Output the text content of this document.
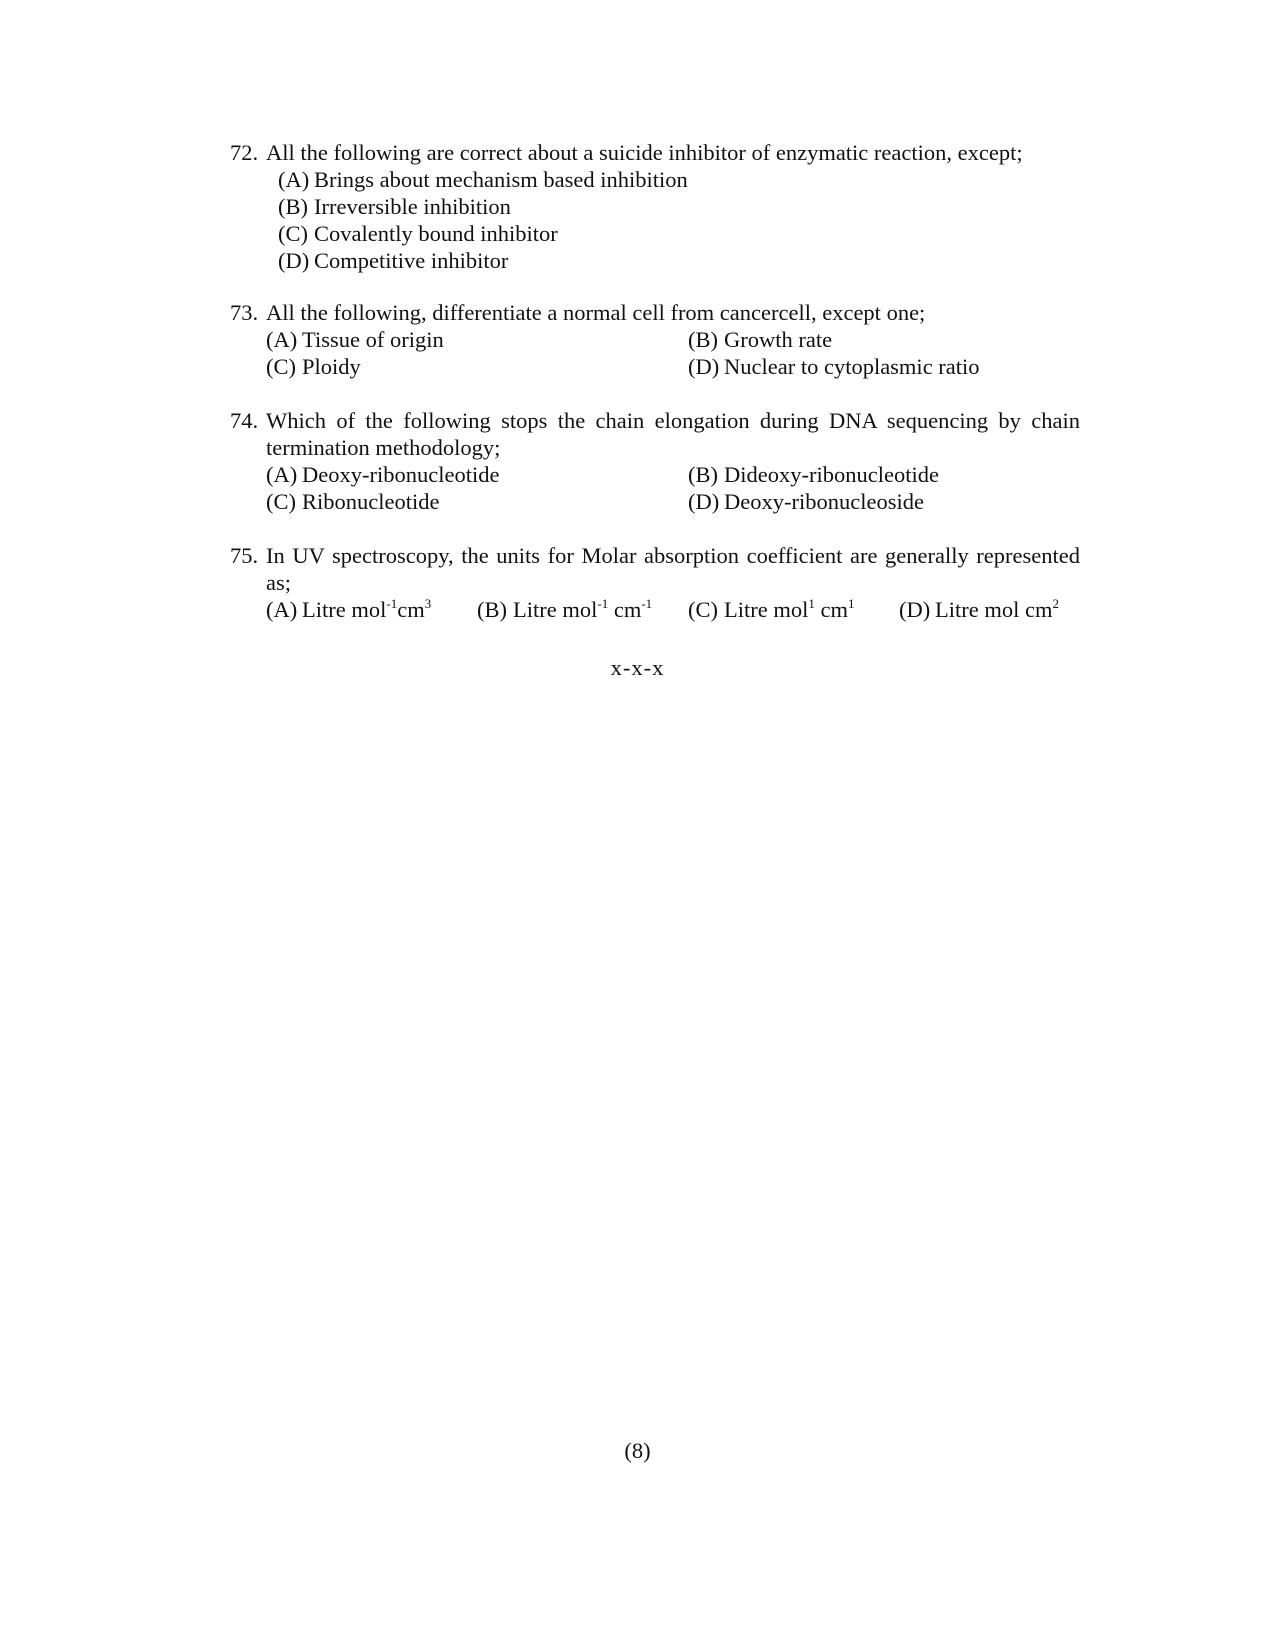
72. All the following are correct about a suicide inhibitor of enzymatic reaction, except;
(A) Brings about mechanism based inhibition
(B) Irreversible inhibition
(C) Covalently bound inhibitor
(D) Competitive inhibitor
73. All the following, differentiate a normal cell from cancercell, except one;
(A) Tissue of origin	(B) Growth rate
(C) Ploidy	(D) Nuclear to cytoplasmic ratio
74. Which of the following stops the chain elongation during DNA sequencing by chain termination methodology;
(A) Deoxy-ribonucleotide	(B) Dideoxy-ribonucleotide
(C) Ribonucleotide	(D) Deoxy-ribonucleoside
75. In UV spectroscopy, the units for Molar absorption coefficient are generally represented as;
(A) Litre $mol^{-1}cm^3$	(B) Litre mol$^{-1}$ $cm^{-1}$	(C) Litre mol$^1$ $cm^1$	(D) Litre mol $cm^2$
x-x-x
(8)
